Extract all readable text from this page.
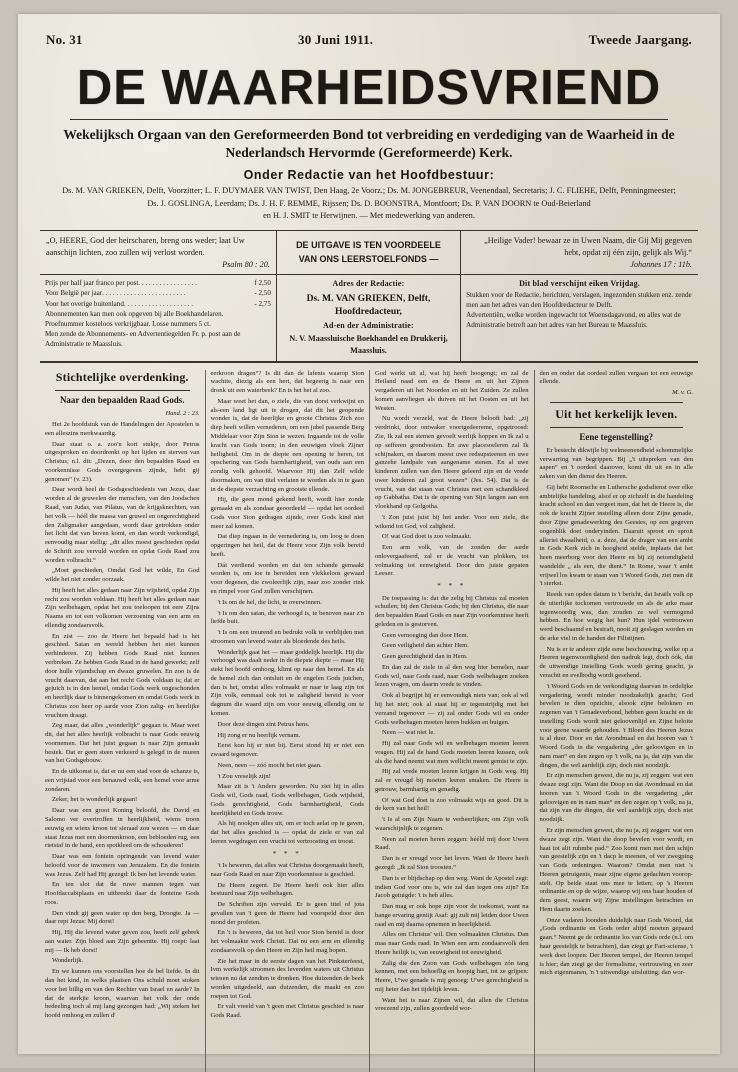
No. 31	30 Juni 1911.	Tweede Jaargang.
DE WAARHEIDSVRIEND
Wekelijksch Orgaan van den Gereformeerden Bond tot verbreiding en verdediging van de Waarheid in de
Nederlandsch Hervormde (Gereformeerde) Kerk.
Onder Redactie van het Hoofdbestuur:
Ds. M. VAN GRIEKEN, Delft, Voorzitter; L. F. DUYMAER VAN TWIST, Den Haag, 2e Voorz.; Ds. M. JONGEBREUR, Veenendaal, Secretaris; J. C. FLIEHE, Delft, Penningmeester;
Ds. J. GOSLINGA, Leerdam; Ds. J. H. F. REMME, Rijssen; Ds. D. BOONSTRA, Montfoort; Ds. P. VAN DOORN te Oud-Beierland
en H. J. SMIT te Herwijnen. — Met medewerking van anderen.
„O, HEERE, God der heirscharen, breng ons weder; laat Uw aanschijn lichten, zoo zullen wij verlost worden.
Psalm 80 : 20.
DE UITGAVE IS TEN VOORDEELE
VAN ONS LEERSTOELFONDS —
„Heilige Vader! bewaar ze in Uwen Naam, die Gij Mij gegeven hebt, opdat zij één zijn, gelijk als Wij.“
Johannes 17 : 11b.
Prijs per half jaar franco per post . . . . . . . . . . . . . . . . .	f 2,50
Voor België per jaar . . . . . . . . . . . . . . . . . . . . . . . .	- 2,50
Voor het overige buitenland . . . . . . . . . . . . . . . . . . . .	- 2,75
Abonnementen kan men ook opgeven bij alle Boekhandelaren.
Proefnummer kosteloos verkrijgbaar. Losse nummers 5 ct.
Men zende de Abonnements- en Advertentiegelden Fr. p. post aan de Administratie te Maassluis.
Adres der Redactie:
Ds. M. VAN GRIEKEN, Delft, Hoofdredacteur,
Ad-en der Administratie:
N. V. Maassluische Boekhandel en Drukkerij, Maassluis.
Dit blad verschijnt eiken Vrijdag.
Stukken voor de Redactie, berichten, verslagen, ingezonden stukken enz. zende men aan het adres van den Hoofdredacteur te Delft.
Advertentiën, welke worden ingewacht tot Woensdagavond, en alles wat de Administratie betreft aan het adres van het Bureau te Maassluis.
Stichtelijke overdenking.
Naar den bepaalden Raad Gods.
Hand. 2 : 23.

Het 2e hoofdstuk van de Handelingen der Apostelen is een alleszins merkwaardig.

Daar staat o. a. zoo'n kort stukje, door Petrus uitgesproken en doordrenkt op het lijden en sterven van Christus; n.l. dit: „Dezen, door den bepaalden Raad en voorkennisse Gods overgegeven zijnde, hebt gij genomen“ (v. 23).

Daar wordt heel de Godsgeschiedenis van Jezus, daar worden al de gruwelen der menschen, van den Joodschen Raad, van Judas, van Pilatus, van de krijgsknechten, van het volk — héél die massa van gruwel en ongerechtigheid den Zaligmaker aangedaan, wordt daar getrokken onder het licht dat van boven komt, en dan wordt verkondigd, eenvoudig maar stellig: „dit alles moest geschieden opdat de Schrift zou vervuld worden en opdat Gods Raad zou worden volbracht.“

„Moet geschieden, Omdat God het wilde, En God wilde het niet zonder oorzaak.

Hij heeft het alles gedaan naar Zijn wijsheid, opdat Zijn recht zou worden voldaan. Hij heeft het alles gedaan naar Zijn welbehagen, opdat het zou toeloopen tot eere Zijns Naams en tot een volkomen verzoening van een arm en ellendig zondaarsvolk.

En zist — zoo de Heere het bepaald had is het geschied. Satan en wereld hebben het niet kunnen verhinderen. Zij hebben Gods Raad niet kunnen verbreken. Ze hebben Gods Raad in de hand gewerkt; zelf door hulle vijandschap en dwaze gruwelen. En zoo is de vrucht daarvan, dat aan het recht Gods voldaan is; dat er gejuich is in den hemel, omdat Gods werk ongeschonden en heerlijk daar is binnengekomen en omdat Gods werk in Christus zoo heer op aarde voor Zion zalig- en heerlijke vruchten draagt.

Zeg maar, dat alles „wonderlijk“ gegaan is. Maar weet dit, dat het alles heerlijk volbracht is naar Gods eeuwig voornemen. Dat het juist gegaan is naar Zijn gemaakt bestek. Dat er geen steen verkeerd is gelegd in de muren van het Godsgebouw.

En de uitkomst is, dat er nu een stad voor de schanze is, een vrijstad voor een benauwd volk, een hemel voor arme zondaren.

Zeker, het is wonderlijk gegaan!

Daar was een groot Koning beloofd, die David en Salomo ver overtroffen in heerlijkheid, wiens troon eeuwig en wiens kroon tot sieraad zou wezen — en daar staat Jezus met een doornenkroon, een bebloeden rug, een rietstaf in de hand, een spotkleed om de schouderen!

Daar was een fontein opringende van levend water beloofd voor de inwoners van Jeruzalem. En die fontein was Jezus. Zelf had Hij gezegd: Ik ben het levende water.

En ten slot dat de ruwe mannen tegen van Hoofdaccabiplaats en uitbreekt daar de fonteine Gods roos.

Den vindt gij geen water op den berg, Droogte. Ja — daar rept Jezus: Mij dorst!

Hij, Hij die levend water geven zou, heeft zelf gebrek aan water. Zijn bloed aan Zijn gebeentte. Hij roept: laat mij — Ik heb dorst!

Wonderlijk.

En we kunnen ons voorstellen hoe de bel liefde. In dit dan het kind, in welks plaatsen Ons schuld moet stoken voor het billig en van den Rechter van Israel en aarde? In dat de sterkjie kroon, waarvan het volk der onde bedeeling toch al mij lang gezongen had: „Wij steken het hoofd omhoog en zullen d'

eerkroon dragen“? Is dit dan de lafenis waarop Sion wachtte, diezig als een hert, dat begeerig is naar een dronk uit een waterbeek? En is het het al zoo.

Maar weet het dan, o ziele, die van dorst verkwijnt en als-een land ligt uit te drogen, dat dit het geopende wonder is, dat de heerlijke en groote Christus Zich zoo diep heeft willen vernederen, om een jubel passende Berg Middelaar voor Zijn Sion te wezen. Ingaande tot de volle kracht van Gods toorn; in den eeuwigen vloek Zijner heiligheid. Om in de diepte een opening te heren, tot opschering van Gods barmhartigheid, van ouds aan een zondig volk gehoofd. Waarvoor Hij dan Zelf wilde doormaken, om van titel verlaten te worden als in te gaan in de diepste verzachting en grootste ellende.

Hij, die geen mond gekend heeft, wordt hier zonde gemaakt en als zondaar geoordeeld — opdat het oordeel Gods voor Sion gedragen zijnde, over Gods kind niet meer zal komen.

Dat diep ingaan in de vernedering is, om loog te doen opgeringen het heil, dat de Heere voor Zijn volk bereid heeft.

Dát verdiend worden en dat ten schande gemaakt worden is, om toe te bereiden een vlekkeloos gewaad voor degenen, die zwoleerlijk zijn, naar zoo zonder rink en rimpel voor God zullen verschijnen.

't Is om de hel, die licht, te overwinnen.

't Is om den satan, die verhoogd is, te benoven naar z'n liefde buit.

't Is om een treurend en bedrukt volk te verblijden met stroomen van levend water als bloedende des heils.

Wonderlijk gaat het — maar goddelijk heerlijk. Hij die verhoogd was daalt neder in de diepste diepte — maar Hij stekt het hoofd omhoog, klimt op naar den hemel. En als de hemel zich dan ontsluit en de engelen Gods juichen, dan is het, omdat alles volmaakt er naar te laag zijn tot Zijn volk, eenmaal ook tot te zaligheid bereid is voor dagnum die waard zijn om voor eeuwig ellendig om te komen.

Door deze dingen zint Petrus hens.

Hij zong er nu heerlijk vernam.

Eerst kon hij er niet bij. Eerst stond hij er niet een zwaard tegenover.

Neen, neen — zóó mocht het niet gaan.

't Zou vreselijk zijn!

Maar zit is 't Anders geworden. Nu ziet hij in alles Gods wil, Gods raad, Gods welbehagen, Gods wijsheid, Gods gerechtigheid, Gods barmhartigheid, Gods heerlijkheid en Gods trouw.

Als hij nookjen alles uit, om er toch aelat op te gaven, dat het alles geschied is — opdat de ziele er van zal leeren wegdragen een vrucht tot vertroosting en troost.

* * *

't Is heweren, dat alles wat Christus doorgemaakt heeft, naar Gods Raad en naar Zijn voorkennisse is geschied.

De Heere zegent. De Heere heeft ook hier alles bestuurd naar Zijn welbehagen.

De Schriften zijn vervuld. Er is geen titel of jota gevallen van 't geen de Heere had voorspeld door den mond der profeten.

En 't is heweren, dat tot heil voor Sion bereid is door het volmaakte werk Christi. Dat nu een arm en ellendig zondaarsvolk op den Heere en Zijn heil mag hopen.

Zie het maar in de eerste dagen van het Pinksterfeest, Ivm werkelijk stroomen des levenden waters uit Christus wiesen nu dat zendten te dronken. Hoe duizenden de beek worden uitgedeeld, aan duizenden, die maakt en zoo roepen tot God.

Er valt vreeld van 't geen met Christus geschied is naar Gods Raad.

God werkt uit al, wat hij heeft hoogengt; en zal de Heiland naad een en de Heere en uit het Zijnen vergaderen uit het Noorden en uit het Zuiden. Ze zullen komen aanvliegen als duiven uit het Oosten en uit het Westen.

Nu wordt verzeld, wat de Heere belooft had: „zij verdrinkt, door ontwaker voortgedeereme, opgetroosd: Zie, Ik zal een stemen gevoelt werlijk hoppen en Ik zal u op sefferen grondvesten. En awe placesoeleren zal Ik schijnaken, en daarom meest uwe redsupsteenen en uwe ganzehe landpale van aangename stenen. En al uwe kinderen zullen van den Heere geleerd zijn en de vrede uwer kinderen zal groot wezen“ (Jes. 54). Dat is de vrucht, van dat staan van Christus met een schandkleed op Gabbatha. Dat is de opening van Sijn langen aan een vloekhand op Golgotha.

't Zon juist juist bij het ander. Voor een ziele, die wikend tot God, vol zaligheid.

O! wat God doet is zoo volmaakt.

Een arm volk, van de zonden der aarde onlovergaafeerd, zal er de vrucht van plokken, tot volmaking tot eenwigheid. Door den juiste gepaten Leeser.

* * *

De toepassing is: dat die zelig bij Christus zal moeten schuilen; bij den Christus Gods; bij den Christus, die naar den bepaalden Raad Gods en naar Zijn voorkennisse heeft geleden en is gestorven.

Geen vernoeging dan door Hem.

Geen veiligheid dan achter Hem.

Geen gerechtigheid dan in Hem.

En dan zal de ziele in al den weg hier bemelen, naar Gods wil, naar Gods raad, naar Gods welbehagen zoeken lezen vragen, om daarin vrede te vinden.

Ook al begrijpt hij er eenvoudigk niets van; ook al wil hij het niet; ook al staat hij er tegenstrijdig met het verzand tegenover — zij zal onder Gods wil en onder Gods welbehagen moeten heren bukken en buigen.

Neen — wat niet le.

Hij zal naar Gods wil en welbehagen moeten leeren vragen. Hij zal de hand Gods moeten leeren kussen, ook als die hand neemt wat men wellicht meent gemist te zijn.

Hij zal vrede moeten leeren krijgen in Gods weg. Hij zal er vreugd bij moeten leeren smaken. De Heere is getrouw, barmhartig en genadig.

O! wat God doet is zoo volmaakt wijs en goed. Dit is de kern van het heil!

't Is al om Zijn Naam te verheerlijken; om Zijn volk waarschijnlijk te zegenen.

Neen zal moeien heren zeggen: hééld mij door Uwen Raad.

Dan is er vreugd voor het leven. Want de Heere heeft gezegd: „Ik zal Sion troosten.“

Dan is er blijdschap op den weg. Want de Apostel zegt: indien God voor ons is, wie zal dan tegen ons zijn? En Jacob getuigde: 't is heb alles.

Dan mag er ook hope zijn voor de toekomst, want na bange ervaring geniijt Asaf: gij zult mij leiden door Uwen raad en mij daarna opnemen in heerlijkheid.

Alles om Christus' wil. Den volmaakten Christus. Dan maa naar Gods raad. In Wien een arm zondaarsvolk den Heere heilijk is, van eeuwigheid tot eeuwigheid.

Zalig die den Zoon van Gods welbehagen zón tang kennen, met een behoeflig en hoopig hart, tot ze grijpen: Heere, U'we genade is mij genoeg; U'we gerechtigheid is mij heter dan het tijdelijk leven.

Want het is naar Zijnen wil, dat allen die Christus vreezend zijn, zullen goordeeld wor-

den en onder dat oordeel zullen vergaan tot een eeuwige ellende.

M. v. G.
Uit het kerkelijk leven.
Eene tegenstelling?

Er bestecht dikwijle bij welmeenendheid schommelijke verwarring van begrippen. Bij „'t uitspreken van den aapen“ en 't oordeel daarover, komt dit uit en in alle zaken van den dienst des Heeren.

Gij hebt Roomsche en Luthersche godsdienst over elke ambtelijke handeling, alsof er op zichzelf in die handeling kracht school en dan vergeet men, dat het de Heere is, die ook de kracht Zijner instelling alleen door Zijne genade, door Zijne genadewerking des Geestes, op een gegeven oogenblik doet onderyinden. Daaruit sproot en sproit alleriei dwaalheid, o. a. deze, dat de drager van een ambt in Gods Kerk zich in hoogheid stelde, inplaats dat het heen meerborg voor den Heere en bij zij netomdigheid wandelde „ als een, die dient.“ In Rome, waar 't ambt vrijwel los kwam te staan van 't Woord Gods, ziet men dit 't sterkst.

Reeds van opden datum is 't bericht, dat Israëls volk op de uiterlijke tockomen vertrouwde en als de arke maar tegenwoordig was, dan zouden ze wel vermogend hebben. En hoe wegig het hun? Hun ijdel vertrouwen werd beschaamd en bestraft, nooit zij geslagen worden en de arke viel in de handen der Filistijnen.

Nu is er te anderer zijde eene beschouwing, welke op a Heeren tegenwoordigheid den nadruk legt, doch óók, dat de uitwendige instelling Gods wordt gering geacht, ja verachtt en evelbodig wordt gesehend.

't Woord Gods en de verkondiging daarvan in ordelijke vergadering, wordt minder noodzakelijk geacht; God bevelen te dien opzichte, alsook zijne beloknen en zegenen van 't Genadeverbond, hebben geen kracht en de instelling Gods wordt niet geloovenlijd en Zijne beloite voor geene waarde gehouden. 't Bloed des Heeren Jezus is al duur. Door en dat Avondmaal en dat hooren van 't Woord Gods in die vergadering „der geloovigen en in nam man“ en den zegen op 't volk, na ja, dat zijn van die dingen, die wel aardelijk zijn, doch niet noodzijk.

Er zijn menschen gewest, die nu ja, zij zeggen: wat een dwaze zegt zijn. Want die Doop en dat Avondmaal en dat hooren van 't Woord Gods in die vergadering „der geloovigen en in nam man“ en den zegen op 't volk, na ja, dat zijn van die dingen, die wel aardelijk zijn, doch niet noodzijk.

Er zijn menschen gewest, die nu ja, zij zeggen: wat een dwaze zegt zijn. Want die doop bevelen voor wordt, en haat tot alit ruhmbe pad.“ Zoo komt men met den schijn van geestelijk zijn en 't dacp le meenen, of ver zwegping van Gods ordeningen. Waarom? Omdat men niet 's Heeren getruigenis, maar zijne eigene gedachten voorop-stelt. Op beide staat ons mee te letten; op 's Heeren ordinantie en op de wijze, waarop wij ons haar houden of dem geest, waarin wij Zijne instellingen betrachten en Hem daarin zoeken.

Onze vadaren loonden duidelijk naar Gods Woord, dat „Gods ordinantie en Gods order altijd moeten gepaard gaan.“ Neemt ge de ordinantie los van Gods orde (n.l. om haar geestelijk te betrachten), dan ziegt ge Fari-sciense, 't werk doet loopen: Der Heeren tempel, der Heeren tempel is hier; dan ziegt ge der formalisme, vertrouwing en zeer mich eigenmanen, 'n 't uitwendige uitsluiting; dan wor-
